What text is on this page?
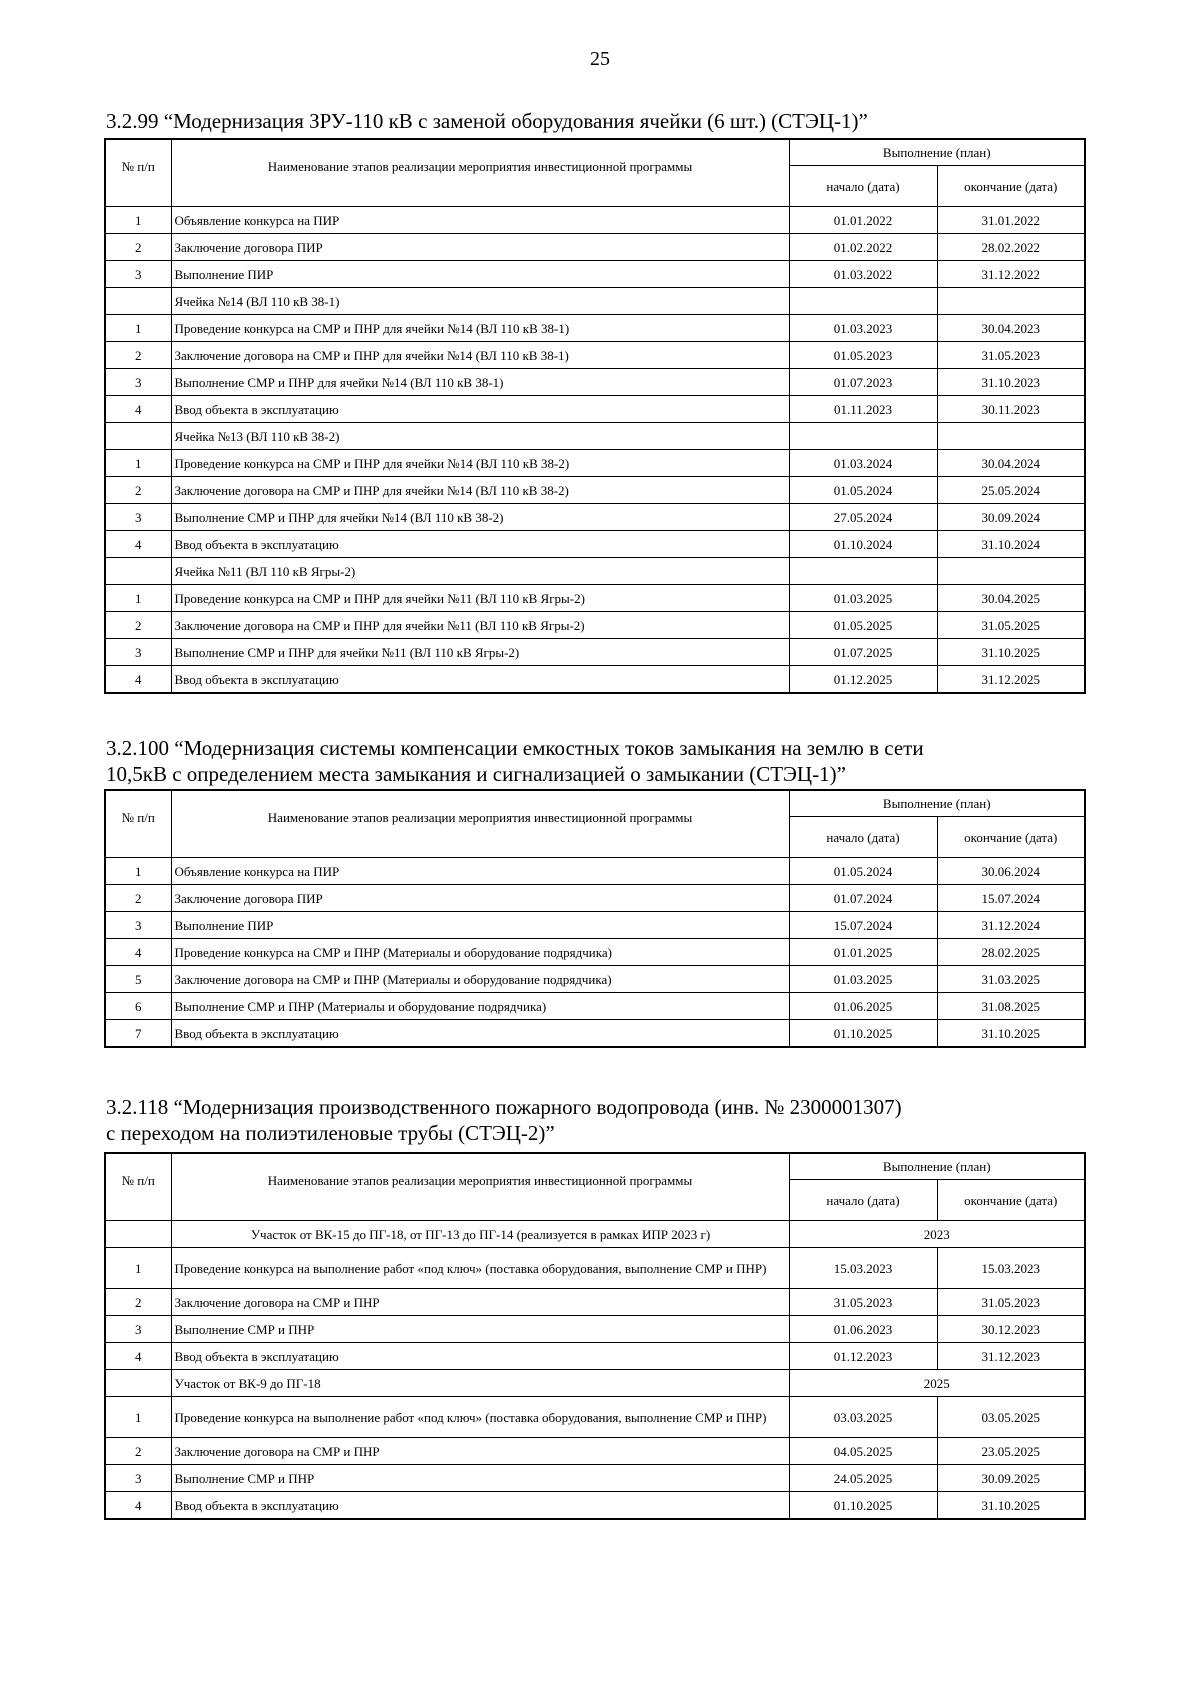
25
3.2.99 “Модернизация ЗРУ-110 кВ с заменой оборудования ячейки (6 шт.) (СТЭЦ-1)”
№ п/п	Наименование этапов реализации мероприятия инвестиционной программы	Выполнение (план)	
		начало (дата)	окончание (дата)
1	Объявление конкурса на ПИР	01.01.2022	31.01.2022
2	Заключение договора ПИР	01.02.2022	28.02.2022
3	Выполнение ПИР	01.03.2022	31.12.2022
	Ячейка №14 (ВЛ 110 кВ 38-1)		
1	Проведение конкурса на СМР и ПНР для ячейки №14 (ВЛ 110 кВ 38-1)	01.03.2023	30.04.2023
2	Заключение договора на СМР и ПНР для ячейки №14 (ВЛ 110 кВ 38-1)	01.05.2023	31.05.2023
3	Выполнение СМР и ПНР для ячейки №14 (ВЛ 110 кВ 38-1)	01.07.2023	31.10.2023
4	Ввод объекта в эксплуатацию	01.11.2023	30.11.2023
	Ячейка №13 (ВЛ 110 кВ 38-2)		
1	Проведение конкурса на СМР и ПНР для ячейки №14 (ВЛ 110 кВ 38-2)	01.03.2024	30.04.2024
2	Заключение договора на СМР и ПНР для ячейки №14 (ВЛ 110 кВ 38-2)	01.05.2024	25.05.2024
3	Выполнение СМР и ПНР для ячейки №14 (ВЛ 110 кВ 38-2)	27.05.2024	30.09.2024
4	Ввод объекта в эксплуатацию	01.10.2024	31.10.2024
	Ячейка №11 (ВЛ 110 кВ Ягры-2)		
1	Проведение конкурса на СМР и ПНР для ячейки №11 (ВЛ 110 кВ Ягры-2)	01.03.2025	30.04.2025
2	Заключение договора на СМР и ПНР для ячейки №11 (ВЛ 110 кВ Ягры-2)	01.05.2025	31.05.2025
3	Выполнение СМР и ПНР для ячейки №11 (ВЛ 110 кВ Ягры-2)	01.07.2025	31.10.2025
4	Ввод объекта в эксплуатацию	01.12.2025	31.12.2025
3.2.100 “Модернизация системы компенсации емкостных токов замыкания на землю в сети
10,5кВ с определением места замыкания и сигнализацией о замыкании (СТЭЦ-1)”
№ п/п	Наименование этапов реализации мероприятия инвестиционной программы	Выполнение (план)	
		начало (дата)	окончание (дата)
1	Объявление конкурса на ПИР	01.05.2024	30.06.2024
2	Заключение договора ПИР	01.07.2024	15.07.2024
3	Выполнение ПИР	15.07.2024	31.12.2024
4	Проведение конкурса на СМР и ПНР (Материалы и оборудование подрядчика)	01.01.2025	28.02.2025
5	Заключение договора на СМР и ПНР (Материалы и оборудование подрядчика)	01.03.2025	31.03.2025
6	Выполнение СМР и ПНР (Материалы и оборудование подрядчика)	01.06.2025	31.08.2025
7	Ввод объекта в эксплуатацию	01.10.2025	31.10.2025
3.2.118 “Модернизация производственного пожарного водопровода (инв. № 2300001307)
с переходом на полиэтиленовые трубы (СТЭЦ-2)”
№ п/п	Наименование этапов реализации мероприятия инвестиционной программы	Выполнение (план)	
		начало (дата)	окончание (дата)
	Участок от ВК-15 до ПГ-18, от ПГ-13 до ПГ-14 (реализуется в рамках ИПР 2023 г)	2023	
1	Проведение конкурса на выполнение работ «под ключ» (поставка оборудования, выполнение СМР и ПНР)	15.03.2023	15.03.2023
2	Заключение договора на СМР и ПНР	31.05.2023	31.05.2023
3	Выполнение СМР и ПНР	01.06.2023	30.12.2023
4	Ввод объекта в эксплуатацию	01.12.2023	31.12.2023
	Участок от ВК-9 до ПГ-18	2025	
1	Проведение конкурса на выполнение работ «под ключ» (поставка оборудования, выполнение СМР и ПНР)	03.03.2025	03.05.2025
2	Заключение договора на СМР и ПНР	04.05.2025	23.05.2025
3	Выполнение СМР и ПНР	24.05.2025	30.09.2025
4	Ввод объекта в эксплуатацию	01.10.2025	31.10.2025
